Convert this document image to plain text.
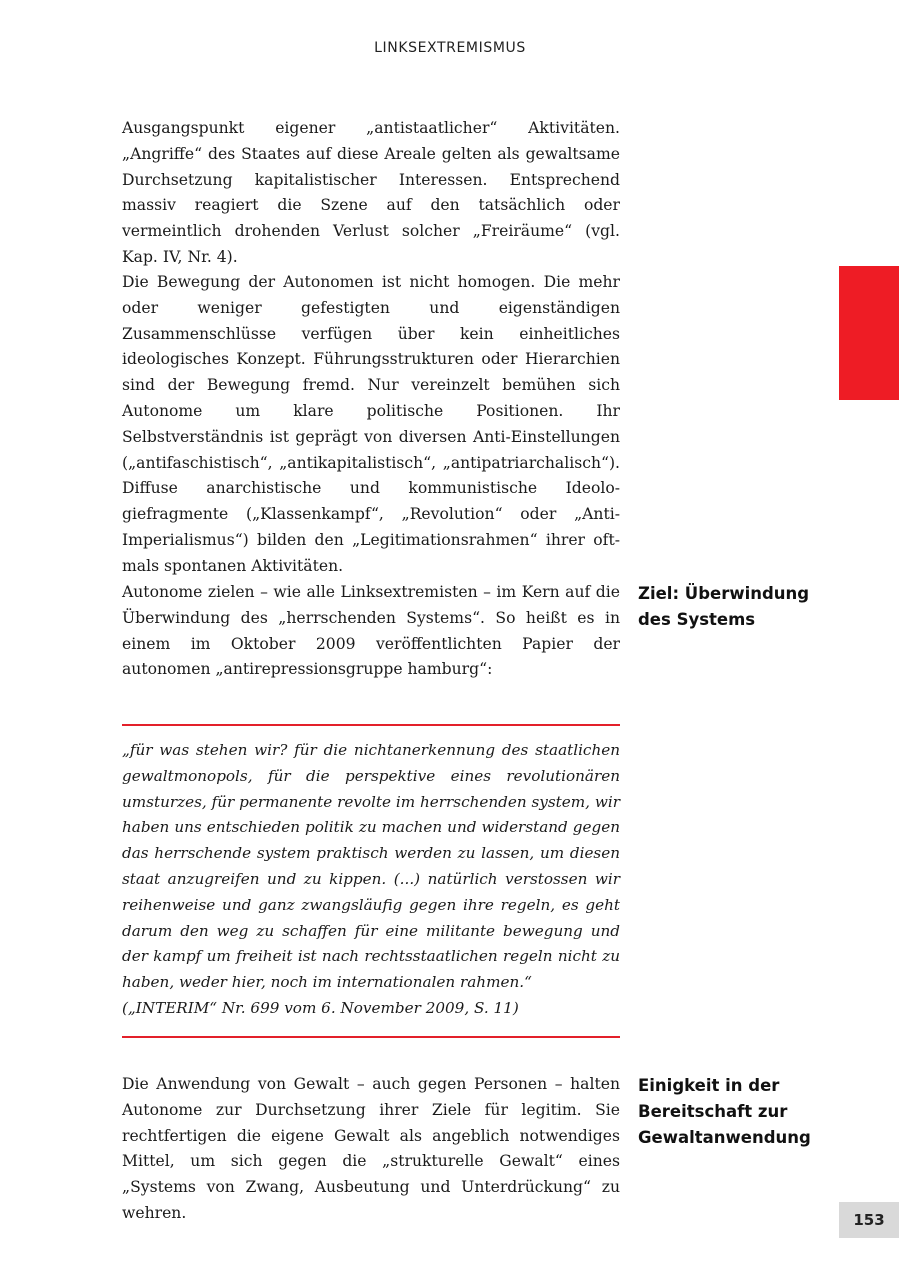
LINKSEXTREMISMUS

Ausgangspunkt eigener „antistaatlicher“ Aktivitäten. „Angriffe“ des Staates auf diese Areale gelten als gewaltsame Durchsetzung kapitalistischer Interessen. Entsprechend massiv reagiert die Szene auf den tatsächlich oder vermeintlich drohenden Verlust solcher „Freiräume“ (vgl. Kap. IV, Nr. 4).

Die Bewegung der Autonomen ist nicht homogen. Die mehr oder weniger gefestigten und eigenständigen Zusammenschlüsse verfügen über kein einheitliches ideologisches Konzept. Führungsstrukturen oder Hierarchien sind der Bewegung fremd. Nur vereinzelt bemühen sich Autonome um klare politische Positionen. Ihr Selbstverständnis ist geprägt von diversen Anti-Einstellungen („antifaschistisch“, „antikapitalistisch“, „antipatriarchalisch“). Diffuse anarchistische und kommunistische Ideologiefragmente („Klassenkampf“, „Revolution“ oder „Anti-Imperialismus“) bilden den „Legitimationsrahmen“ ihrer oftmals spontanen Aktivitäten.

Autonome zielen – wie alle Linksextremisten – im Kern auf die Überwindung des „herrschenden Systems“. So heißt es in einem im Oktober 2009 veröffentlichten Papier der autonomen „antirepressionsgruppe hamburg“:

Ziel: Überwindung des Systems
„für was stehen wir? für die nichtanerkennung des staatlichen gewaltmonopols, für die perspektive eines revolutionären umsturzes, für permanente revolte im herrschenden system, wir haben uns entschieden politik zu machen und widerstand gegen das herrschende system praktisch werden zu lassen, um diesen staat anzugreifen und zu kippen. (...) natürlich verstossen wir reihenweise und ganz zwangsläufig gegen ihre regeln, es geht darum den weg zu schaffen für eine militante bewegung und der kampf um freiheit ist nach rechtsstaatlichen regeln nicht zu haben, weder hier, noch im internationalen rahmen.“
(„INTERIM“ Nr. 699 vom 6. November 2009, S. 11)

Die Anwendung von Gewalt – auch gegen Personen – halten Autonome zur Durchsetzung ihrer Ziele für legitim. Sie rechtfertigen die eigene Gewalt als angeblich notwendiges Mittel, um sich gegen die „strukturelle Gewalt“ eines „Systems von Zwang, Ausbeutung und Unterdrückung“ zu wehren.

Einigkeit in der Bereitschaft zur Gewaltanwendung
153
